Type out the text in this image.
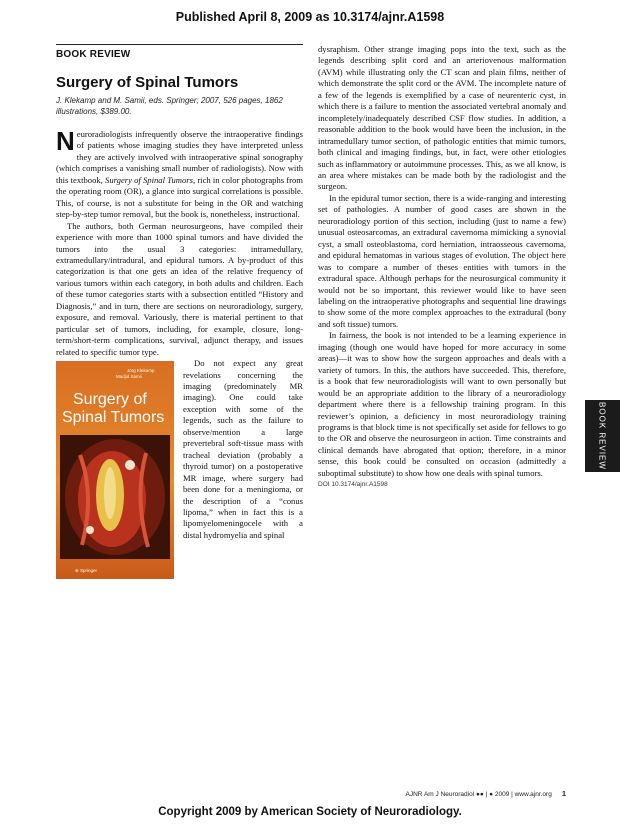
Published April 8, 2009 as 10.3174/ajnr.A1598
BOOK REVIEW
Surgery of Spinal Tumors
J. Klekamp and M. Samii, eds. Springer; 2007, 526 pages, 1862 illustrations, $389.00.

Neuroradiologists infrequently observe the intraoperative findings of patients whose imaging studies they have interpreted unless they are actively involved with intraoperative spinal sonography (which comprises a vanishing small number of radiologists). Now with this textbook, Surgery of Spinal Tumors, rich in color photographs from the operating room (OR), a glance into surgical correlations is possible. This, of course, is not a substitute for being in the OR and watching step-by-step tumor removal, but the book is, nonetheless, instructional.

The authors, both German neurosurgeons, have compiled their experience with more than 1000 spinal tumors and have divided the tumors into the usual 3 categories: intramedullary, extramedullary/intradural, and epidural tumors. A by-product of this categorization is that one gets an idea of the relative frequency of various tumors within each category, in both adults and children. Each of these tumor categories starts with a subsection entitled “History and Diagnosis,” and in turn, there are sections on neuroradiology, surgery, exposure, and removal. Variously, there is material pertinent to that particular set of tumors, including, for example, closure, long-term/short-term complications, survival, adjunct therapy, and issues related to specific tumor type.

Jörg Klekamp
Madjid Samii
Surgery of
Spinal Tumors
⊕ Springer
Do not expect any great revelations concerning the imaging (predominately MR imaging). One could take exception with some of the legends, such as the failure to observe/mention a large prevertebral soft-tissue mass with tracheal deviation (probably a thyroid tumor) on a postoperative MR image, where surgery had been done for a meningioma, or the description of a “conus lipoma,” when in fact this is a lipomyelomeningocele with a distal hydromyelia and spinal

dysraphism. Other strange imaging pops into the text, such as the legends describing split cord and an arteriovenous malformation (AVM) while illustrating only the CT scan and plain films, neither of which demonstrate the split cord or the AVM. The incomplete nature of a few of the legends is exemplified by a case of neurenteric cyst, in which there is a failure to mention the associated vertebral anomaly and incompletely/inadequately described CSF flow studies. In addition, a reasonable addition to the book would have been the inclusion, in the intramedullary tumor section, of pathologic entities that mimic tumors, both clinical and imaging findings, but, in fact, were other etiologies such as inflammatory or autoimmune processes. This, as we all know, is an area where mistakes can be made both by the radiologist and the surgeon.

In the epidural tumor section, there is a wide-ranging and interesting set of pathologies. A number of good cases are shown in the neuroradiology portion of this section, including (just to name a few) unusual osteosarcomas, an extradural cavernoma mimicking a synovial cyst, a small osteoblastoma, cord herniation, intraosseous cavernoma, and epidural hematomas in various stages of evolution. The object here was to compare a number of theses entities with tumors in the extradural space. Although perhaps for the neurosurgical community it would not be so important, this reviewer would like to have seen labeling on the intraoperative photographs and sequential line drawings to show some of the more complex approaches to the extradural (bony and soft tissue) tumors.

In fairness, the book is not intended to be a learning experience in imaging (though one would have hoped for more accuracy in some areas)—it was to show how the surgeon approaches and deals with a variety of tumors. In this, the authors have succeeded. This, therefore, is a book that few neuroradiologists will want to own personally but would be an appropriate addition to the library of a neuroradiology department where there is a fellowship training program. In this reviewer’s opinion, a deficiency in most neuroradiology training programs is that block time is not specifically set aside for fellows to go to the OR and observe the neurosurgeon in action. Time constraints and clinical demands have abrogated that option; therefore, in a minor sense, this book could be consulted on occasion (admittedly a suboptimal substitute) to show how one deals with spinal tumors.

DOI 10.3174/ajnr.A1598
BOOK REVIEW
AJNR Am J Neuroradiol ●● | ● 2009 | www.ajnr.org 1
Copyright 2009 by American Society of Neuroradiology.
